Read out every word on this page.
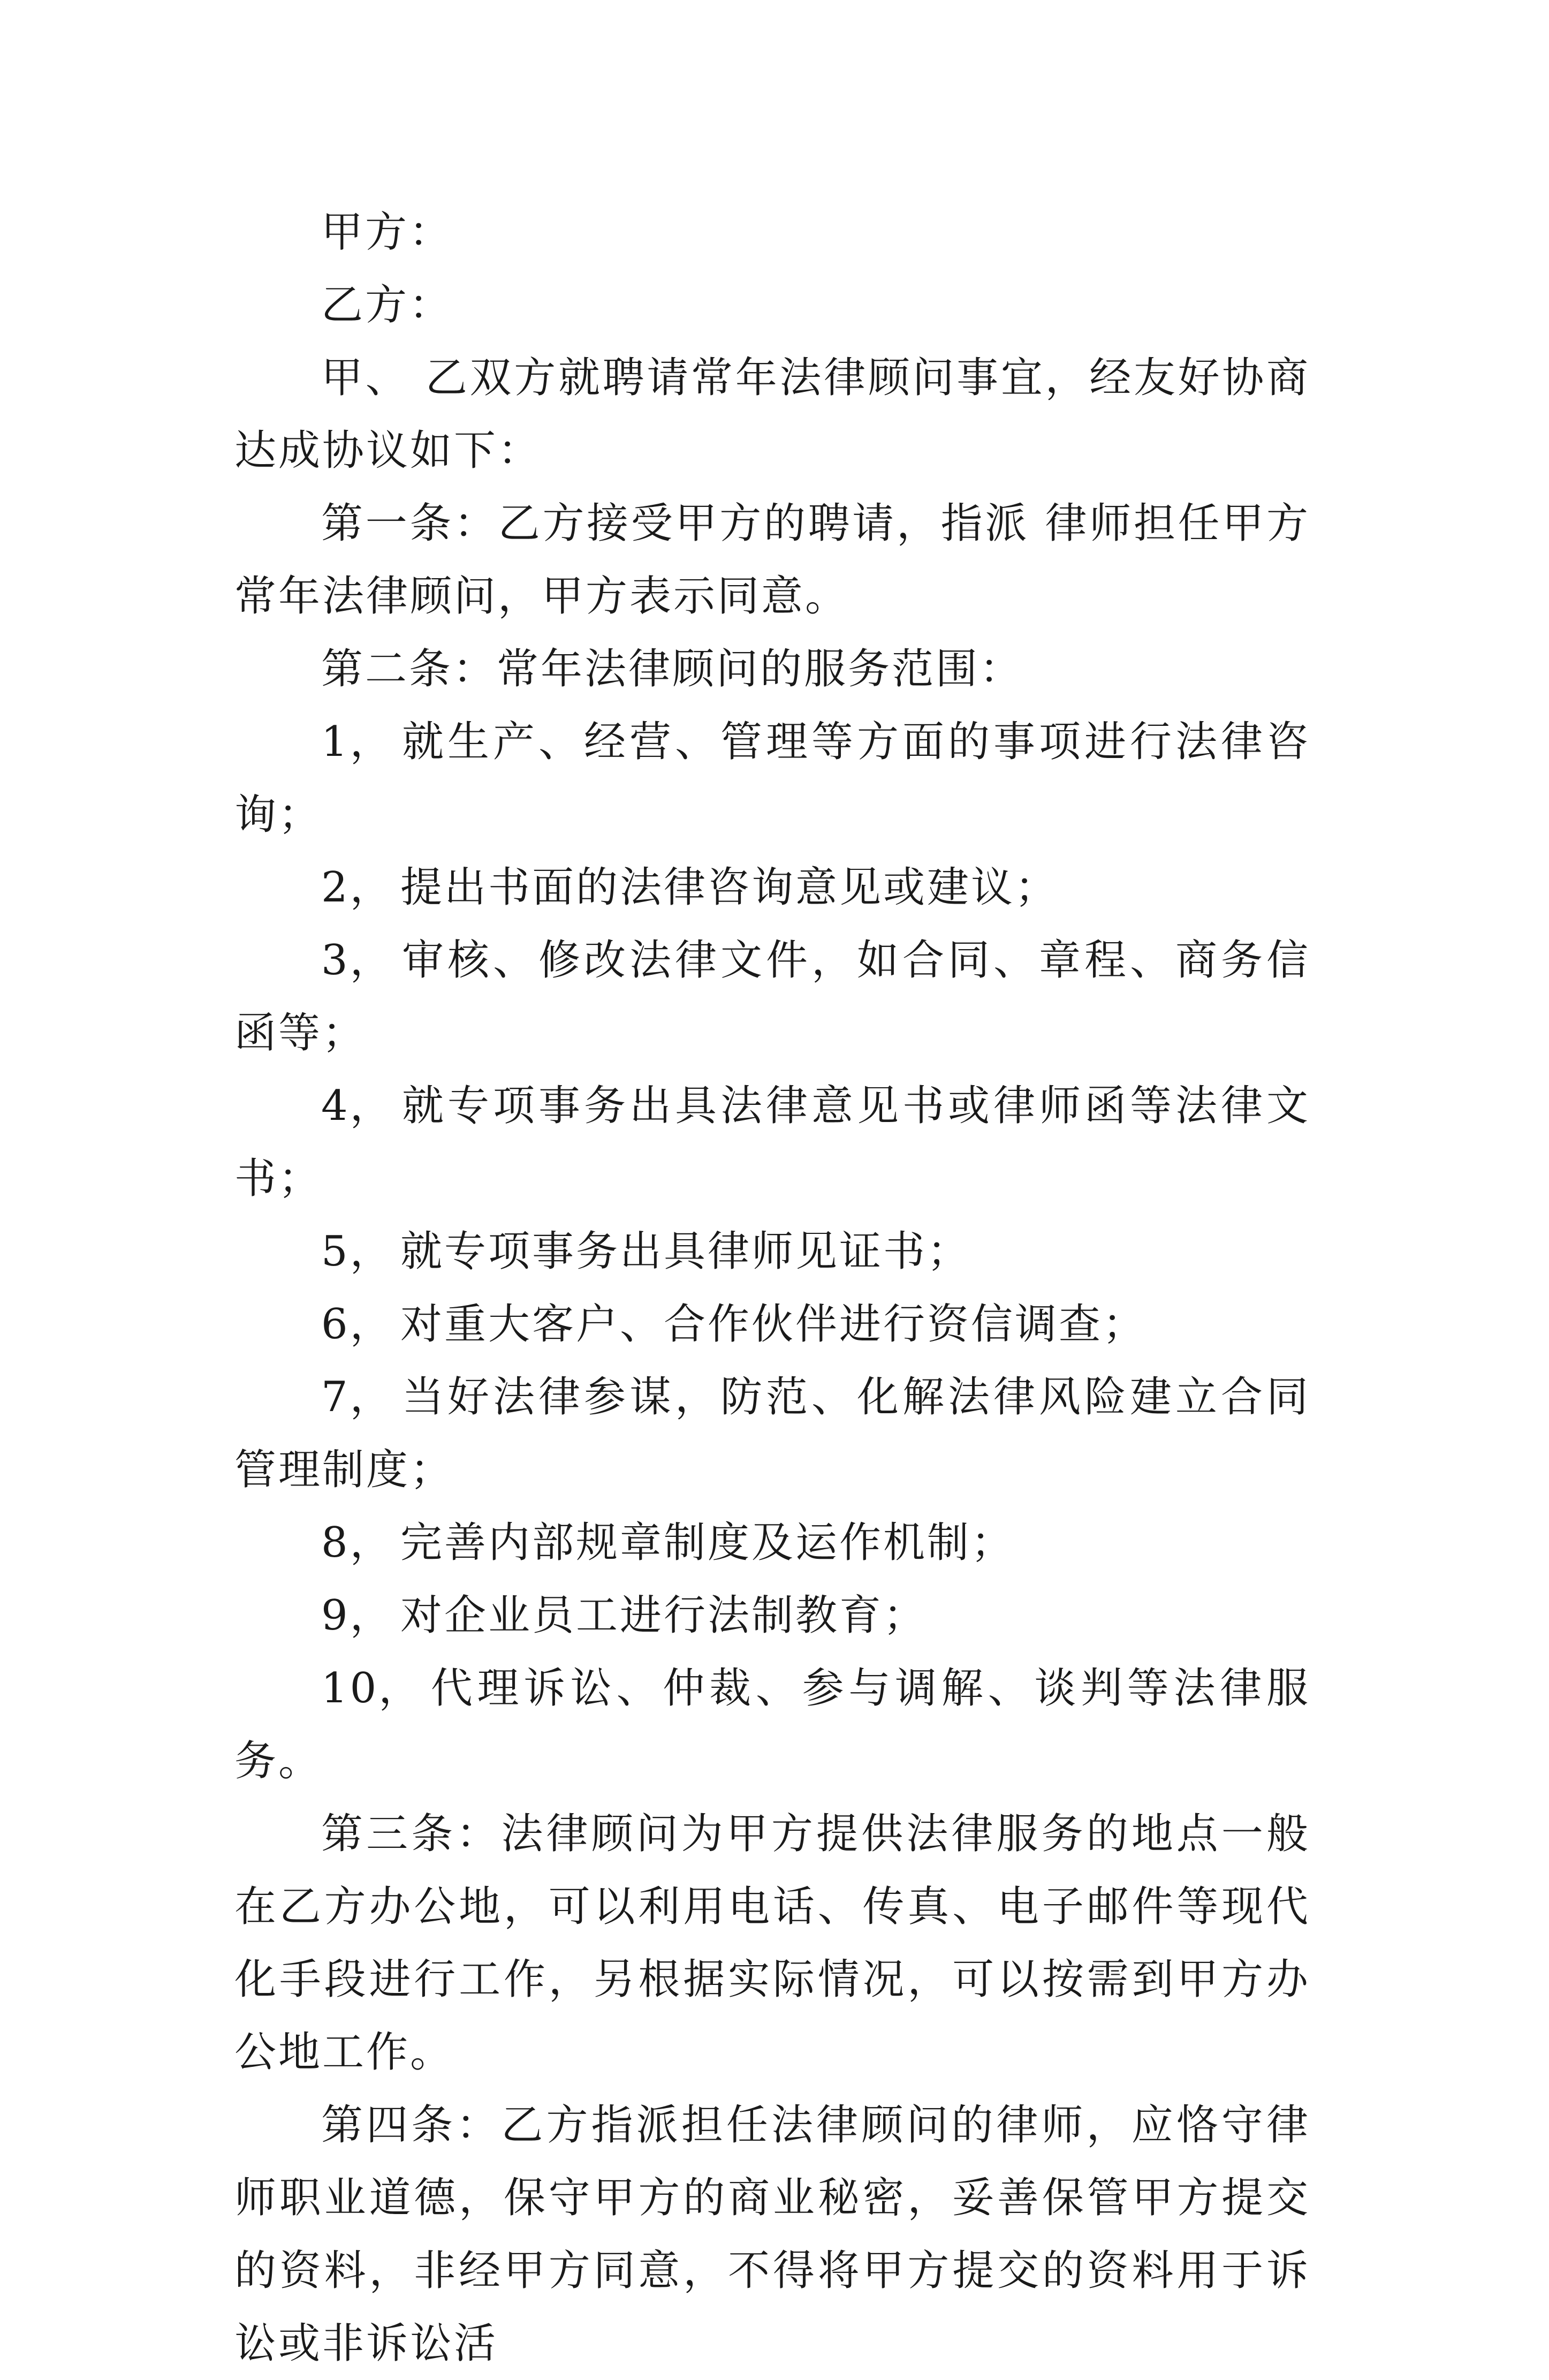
甲方：

乙方：

甲、 乙双方就聘请常年法律顾问事宜，经友好协商达成协议如下：

第一条：乙方接受甲方的聘请，指派 律师担任甲方常年法律顾问，甲方表示同意。

第二条：常年法律顾问的服务范围：

1， 就生产、经营、管理等方面的事项进行法律咨询；

2， 提出书面的法律咨询意见或建议；

3， 审核、修改法律文件，如合同、章程、商务信函等；

4， 就专项事务出具法律意见书或律师函等法律文书；

5， 就专项事务出具律师见证书；

6， 对重大客户、合作伙伴进行资信调查；

7， 当好法律参谋，防范、化解法律风险建立合同管理制度；

8， 完善内部规章制度及运作机制；

9， 对企业员工进行法制教育；

10， 代理诉讼、仲裁、参与调解、谈判等法律服务。

第三条：法律顾问为甲方提供法律服务的地点一般在乙方办公地，可以利用电话、传真、电子邮件等现代化手段进行工作，另根据实际情况，可以按需到甲方办公地工作。

第四条：乙方指派担任法律顾问的律师，应恪守律师职业道德，保守甲方的商业秘密，妥善保管甲方提交的资料，非经甲方同意，不得将甲方提交的资料用于诉讼或非诉讼活
